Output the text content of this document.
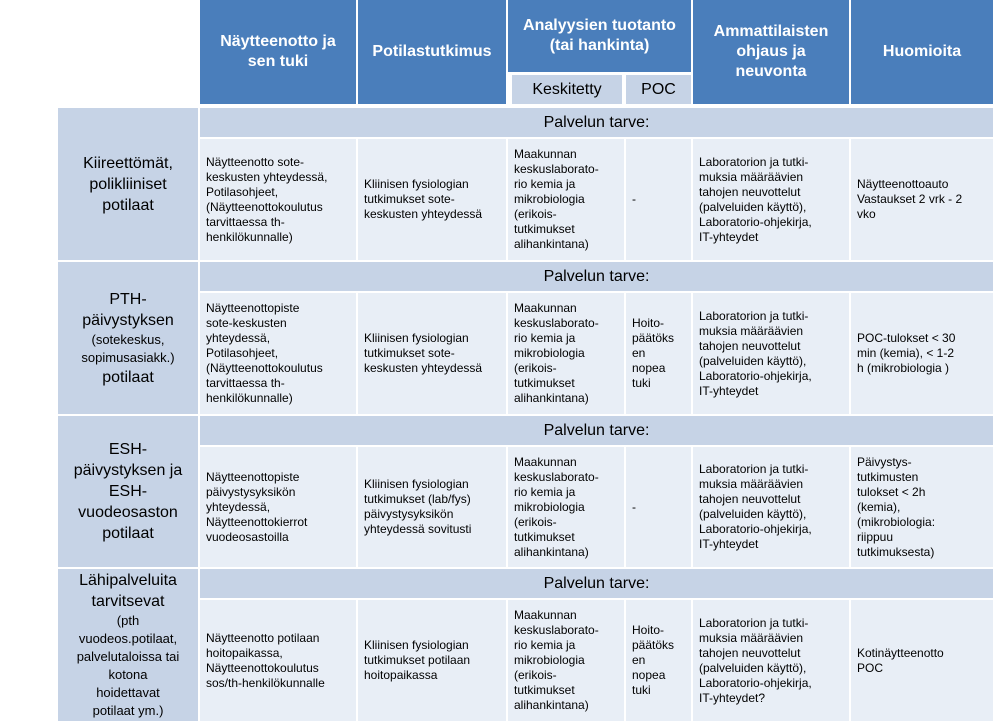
Näytteenotto ja sen tuki
Potilastutkimus
Analyysien tuotanto (tai hankinta)
Keskitetty	POC
Ammattilaisten ohjaus ja neuvonta
Huomioita
Kiireettömät, polikliiniset potilaat
Palvelun tarve:
Näytteenotto sote-
keskusten yhteydessä,
Potilasohjeet,
(Näytteenottokoulutus
tarvittaessa th-
henkilökunnalle)
Kliinisen fysiologian
tutkimukset sote-
keskusten yhteydessä
Maakunnan
keskuslaborato-
rio kemia ja
mikrobiologia
(erikois-
tutkimukset
alihankintana)
-
Laboratorion ja tutki-
muksia määräävien
tahojen neuvottelut
(palveluiden käyttö),
Laboratorio-ohjekirja,
IT-yhteydet
Näytteenottoauto
Vastaukset 2 vrk - 2
vko
PTH-
päivystyksen
(sotekeskus,
sopimusasiakk.)
potilaat
Palvelun tarve:
Näytteenottopiste
sote-keskusten
yhteydessä,
Potilasohjeet,
(Näytteenottokoulutus
tarvittaessa th-
henkilökunnalle)
Kliinisen fysiologian
tutkimukset sote-
keskusten yhteydessä
Maakunnan
keskuslaborato-
rio kemia ja
mikrobiologia
(erikois-
tutkimukset
alihankintana)
Hoito-
päätöks
en
nopea
tuki
Laboratorion ja tutki-
muksia määräävien
tahojen neuvottelut
(palveluiden käyttö),
Laboratorio-ohjekirja,
IT-yhteydet
POC-tulokset < 30
min (kemia), < 1-2
h (mikrobiologia )
ESH-
päivystyksen ja
ESH-
vuodeosaston
potilaat
Palvelun tarve:
Näytteenottopiste
päivystysyksikön
yhteydessä,
Näytteenottokierrot
vuodeosastoilla
Kliinisen fysiologian
tutkimukset (lab/fys)
päivystysyksikön
yhteydessä sovitusti
Maakunnan
keskuslaborato-
rio kemia ja
mikrobiologia
(erikois-
tutkimukset
alihankintana)
-
Laboratorion ja tutki-
muksia määräävien
tahojen neuvottelut
(palveluiden käyttö),
Laboratorio-ohjekirja,
IT-yhteydet
Päivystys-
tutkimusten
tulokset < 2h
(kemia),
(mikrobiologia:
riippuu
tutkimuksesta)
Lähipalveluita
tarvitsevat
(pth
vuodeos.potilaat,
palvelutaloissa tai
kotona
hoidettavat
potilaat ym.)
Palvelun tarve:
Näytteenotto potilaan
hoitopaikassa,
Näytteenottokoulutus
sos/th-henkilökunnalle
Kliinisen fysiologian
tutkimukset potilaan
hoitopaikassa
Maakunnan
keskuslaborato-
rio kemia ja
mikrobiologia
(erikois-
tutkimukset
alihankintana)
Hoito-
päätöks
en
nopea
tuki
Laboratorion ja tutki-
muksia määräävien
tahojen neuvottelut
(palveluiden käyttö),
Laboratorio-ohjekirja,
IT-yhteydet?
Kotinäytteenotto
POC
